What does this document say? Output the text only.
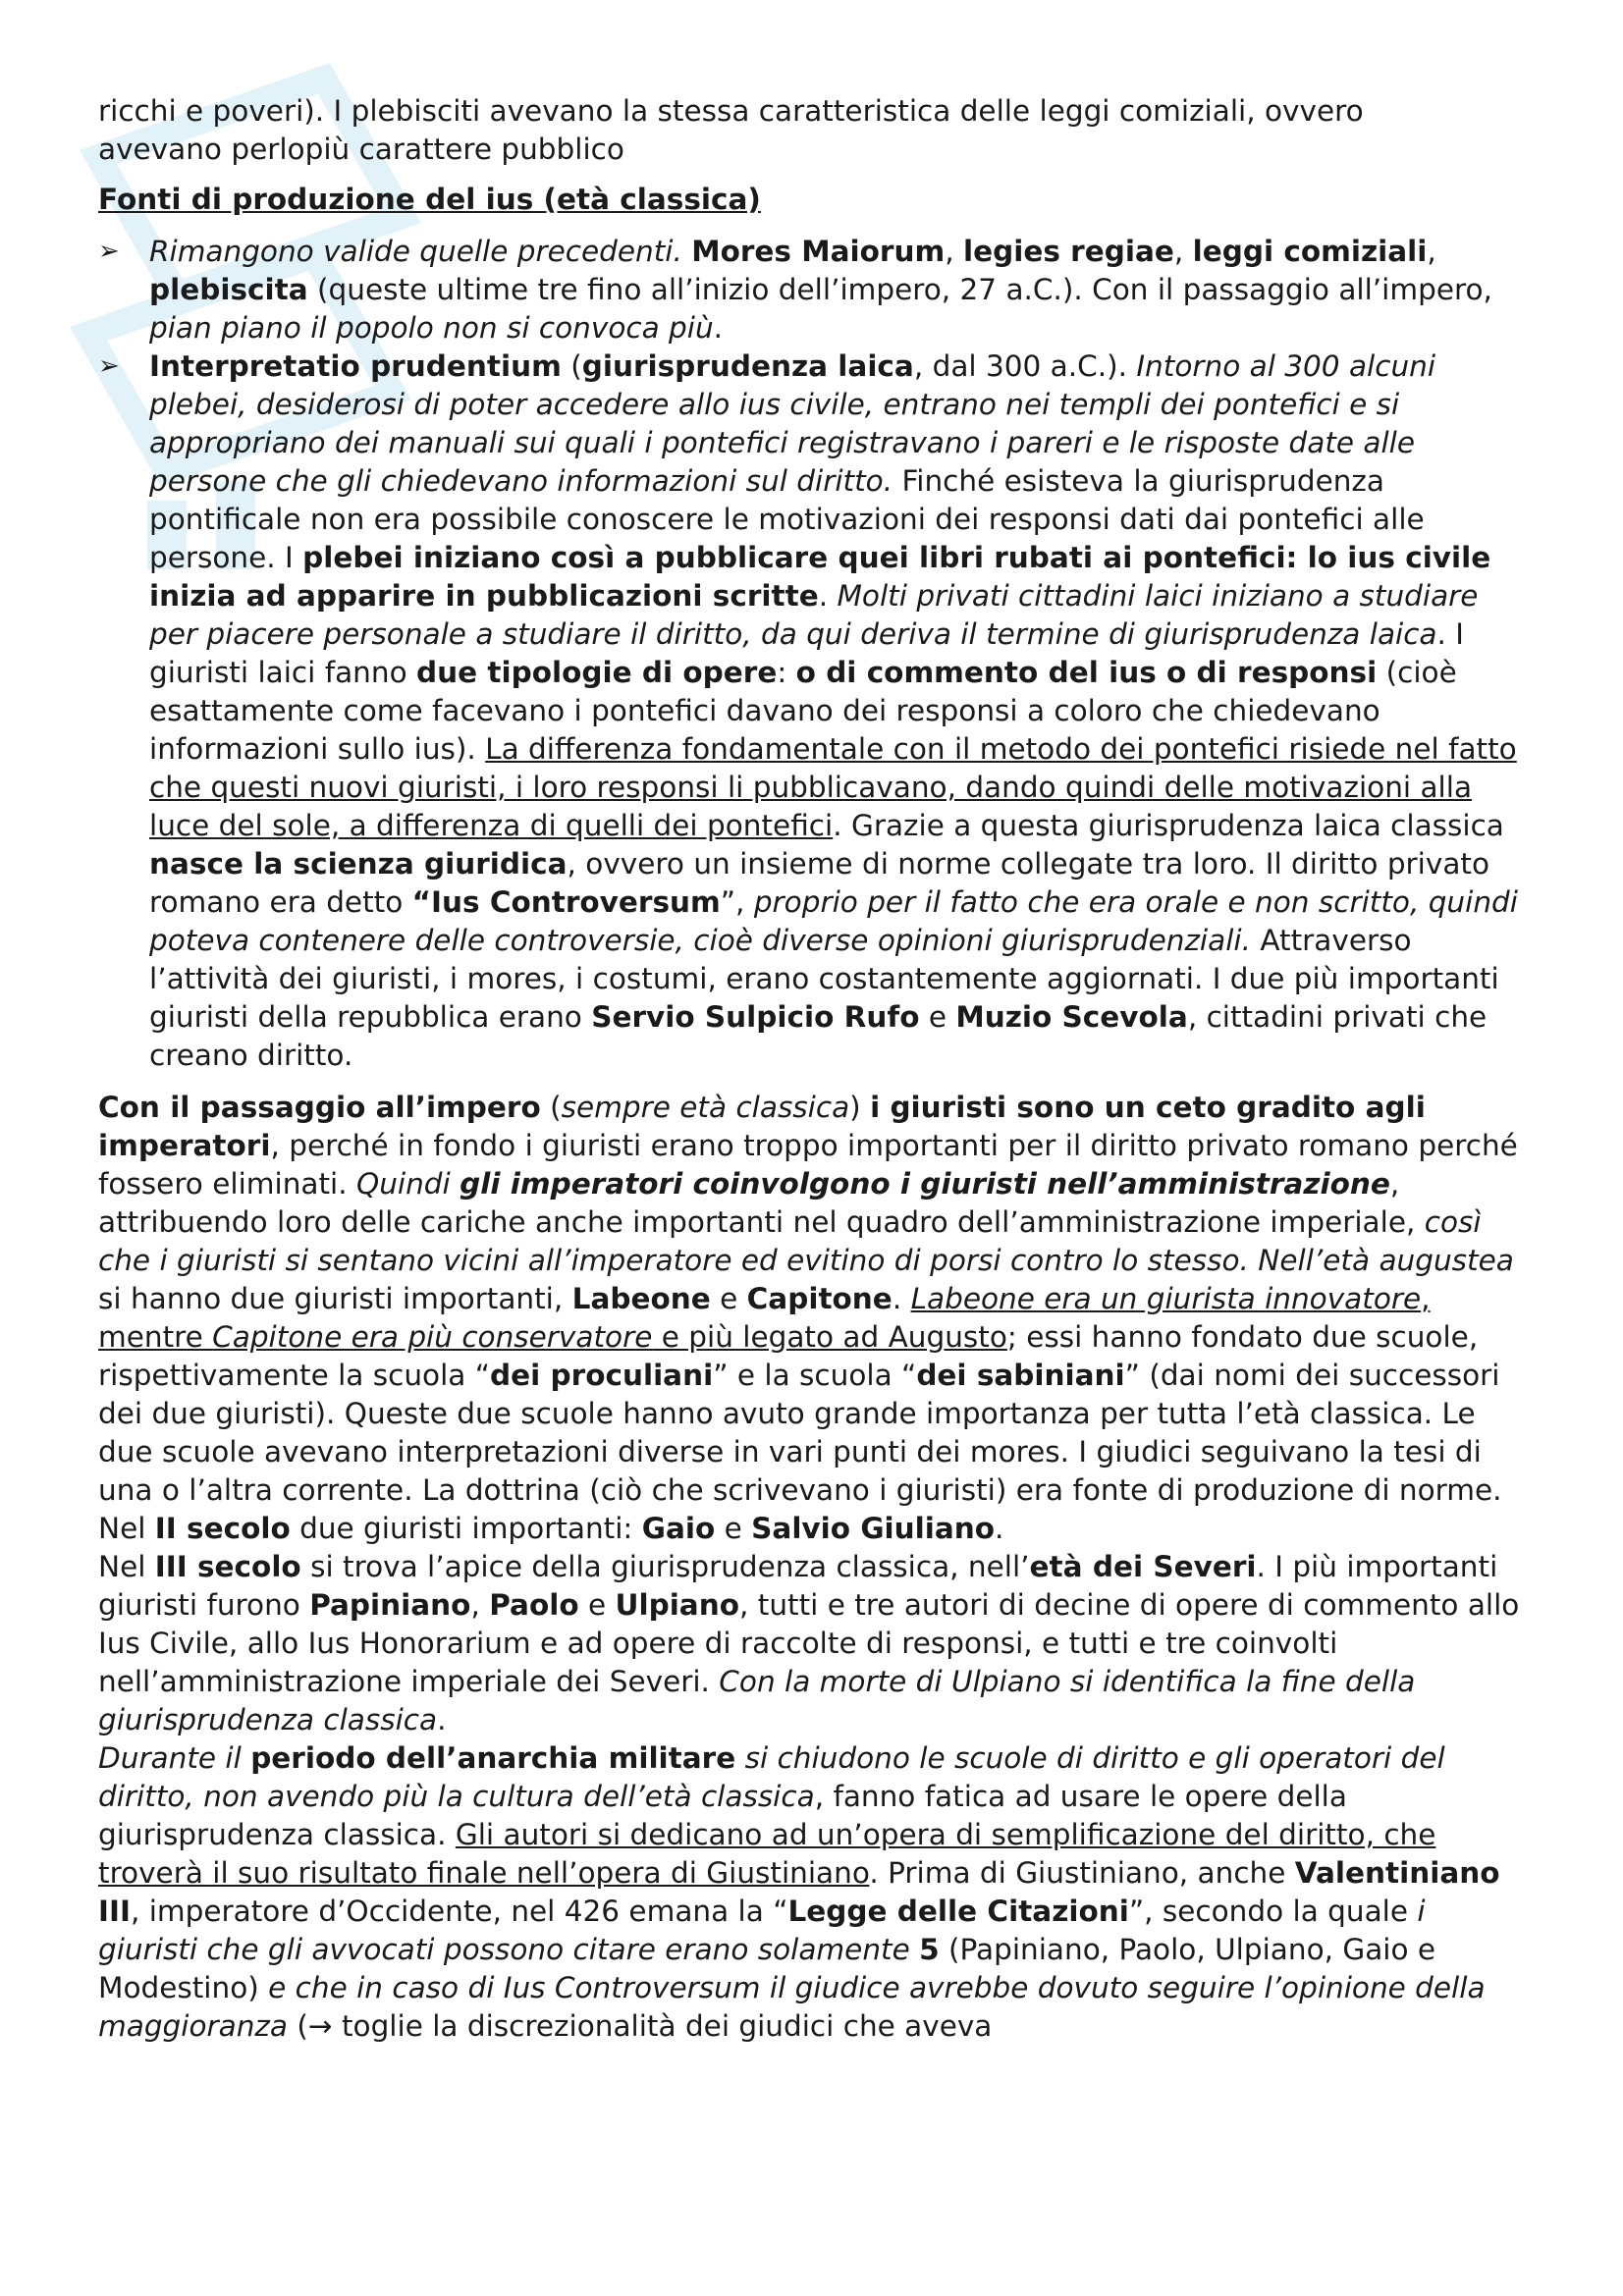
ricchi e poveri). I plebisciti avevano la stessa caratteristica delle leggi comiziali, ovvero
avevano perlopiù carattere pubblico

Fonti di produzione del ius (età classica)

➢ Rimangono valide quelle precedenti. Mores Maiorum, legies regiae, leggi comiziali, plebiscita (queste ultime tre fino all’inizio dell’impero, 27 a.C.). Con il passaggio all’impero, pian piano il popolo non si convoca più.
➢ Interpretatio prudentium (giurisprudenza laica, dal 300 a.C.). Intorno al 300 alcuni plebei, desiderosi di poter accedere allo ius civile, entrano nei templi dei pontefici e si appropriano dei manuali sui quali i pontefici registravano i pareri e le risposte date alle persone che gli chiedevano informazioni sul diritto. Finché esisteva la giurisprudenza pontificale non era possibile conoscere le motivazioni dei responsi dati dai pontefici alle persone. I plebei iniziano così a pubblicare quei libri rubati ai pontefici: lo ius civile inizia ad apparire in pubblicazioni scritte. Molti privati cittadini laici iniziano a studiare per piacere personale a studiare il diritto, da qui deriva il termine di giurisprudenza laica. I giuristi laici fanno due tipologie di opere: o di commento del ius o di responsi (cioè esattamente come facevano i pontefici davano dei responsi a coloro che chiedevano informazioni sullo ius). La differenza fondamentale con il metodo dei pontefici risiede nel fatto che questi nuovi giuristi, i loro responsi li pubblicavano, dando quindi delle motivazioni alla luce del sole, a differenza di quelli dei pontefici. Grazie a questa giurisprudenza laica classica nasce la scienza giuridica, ovvero un insieme di norme collegate tra loro. Il diritto privato romano era detto “Ius Controversum”, proprio per il fatto che era orale e non scritto, quindi poteva contenere delle controversie, cioè diverse opinioni giurisprudenziali. Attraverso l’attività dei giuristi, i mores, i costumi, erano costantemente aggiornati. I due più importanti giuristi della repubblica erano Servio Sulpicio Rufo e Muzio Scevola, cittadini privati che creano diritto.

Con il passaggio all’impero (sempre età classica) i giuristi sono un ceto gradito agli imperatori, perché in fondo i giuristi erano troppo importanti per il diritto privato romano perché fossero eliminati. Quindi gli imperatori coinvolgono i giuristi nell’amministrazione, attribuendo loro delle cariche anche importanti nel quadro dell’amministrazione imperiale, così che i giuristi si sentano vicini all’imperatore ed evitino di porsi contro lo stesso. Nell’età augustea si hanno due giuristi importanti, Labeone e Capitone. Labeone era un giurista innovatore, mentre Capitone era più conservatore e più legato ad Augusto; essi hanno fondato due scuole, rispettivamente la scuola “dei proculiani” e la scuola “dei sabiniani” (dai nomi dei successori dei due giuristi). Queste due scuole hanno avuto grande importanza per tutta l’età classica. Le due scuole avevano interpretazioni diverse in vari punti dei mores. I giudici seguivano la tesi di una o l’altra corrente. La dottrina (ciò che scrivevano i giuristi) era fonte di produzione di norme.

Nel II secolo due giuristi importanti: Gaio e Salvio Giuliano.

Nel III secolo si trova l’apice della giurisprudenza classica, nell’età dei Severi. I più importanti giuristi furono Papiniano, Paolo e Ulpiano, tutti e tre autori di decine di opere di commento allo Ius Civile, allo Ius Honorarium e ad opere di raccolte di responsi, e tutti e tre coinvolti nell’amministrazione imperiale dei Severi. Con la morte di Ulpiano si identifica la fine della giurisprudenza classica.

Durante il periodo dell’anarchia militare si chiudono le scuole di diritto e gli operatori del diritto, non avendo più la cultura dell’età classica, fanno fatica ad usare le opere della giurisprudenza classica. Gli autori si dedicano ad un’opera di semplificazione del diritto, che troverà il suo risultato finale nell’opera di Giustiniano. Prima di Giustiniano, anche Valentiniano III, imperatore d’Occidente, nel 426 emana la “Legge delle Citazioni”, secondo la quale i giuristi che gli avvocati possono citare erano solamente 5 (Papiniano, Paolo, Ulpiano, Gaio e Modestino) e che in caso di Ius Controversum il giudice avrebbe dovuto seguire l’opinione della maggioranza (→ toglie la discrezionalità dei giudici che aveva
